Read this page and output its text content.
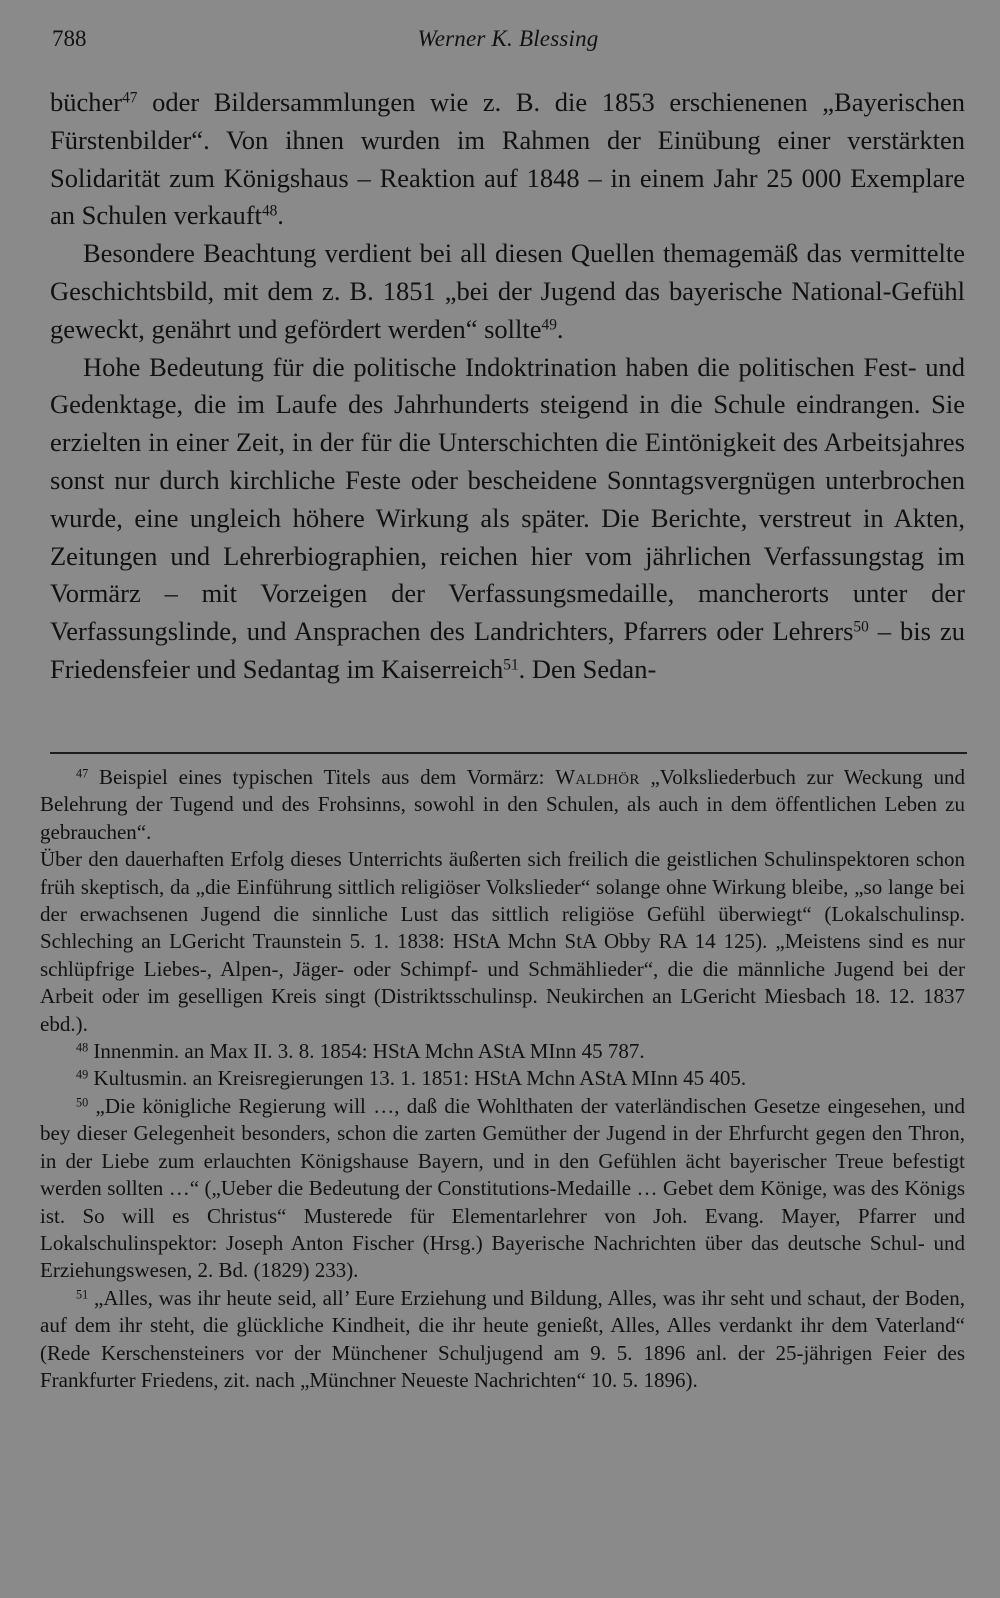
788	Werner K. Blessing

bücher$^{47}$ oder Bildersammlungen wie z. B. die 1853 erschienenen „Bayerischen Fürstenbilder“. Von ihnen wurden im Rahmen der Einübung einer verstärkten Solidarität zum Königshaus – Reaktion auf 1848 – in einem Jahr 25 000 Exemplare an Schulen verkauft$^{48}$.

Besondere Beachtung verdient bei all diesen Quellen themagemäß das vermittelte Geschichtsbild, mit dem z. B. 1851 „bei der Jugend das bayerische National-Gefühl geweckt, genährt und gefördert werden“ sollte$^{49}$.

Hohe Bedeutung für die politische Indoktrination haben die politischen Fest- und Gedenktage, die im Laufe des Jahrhunderts steigend in die Schule eindrangen. Sie erzielten in einer Zeit, in der für die Unterschichten die Eintönigkeit des Arbeitsjahres sonst nur durch kirchliche Feste oder bescheidene Sonntagsvergnügen unterbrochen wurde, eine ungleich höhere Wirkung als später. Die Berichte, verstreut in Akten, Zeitungen und Lehrerbiographien, reichen hier vom jährlichen Verfassungstag im Vormärz – mit Vorzeigen der Verfassungsmedaille, mancherorts unter der Verfassungslinde, und Ansprachen des Landrichters, Pfarrers oder Lehrers$^{50}$ – bis zu Friedensfeier und Sedantag im Kaiserreich$^{51}$. Den Sedan-

$^{47}$ Beispiel eines typischen Titels aus dem Vormärz: Waldhör „Volksliederbuch zur Weckung und Belehrung der Tugend und des Frohsinns, sowohl in den Schulen, als auch in dem öffentlichen Leben zu gebrauchen“.

Über den dauerhaften Erfolg dieses Unterrichts äußerten sich freilich die geistlichen Schulinspektoren schon früh skeptisch, da „die Einführung sittlich religiöser Volkslieder“ solange ohne Wirkung bleibe, „so lange bei der erwachsenen Jugend die sinnliche Lust das sittlich religiöse Gefühl überwiegt“ (Lokalschulinsp. Schleching an LGericht Traunstein 5. 1. 1838: HStA Mchn StA Obby RA 14 125). „Meistens sind es nur schlüpfrige Liebes-, Alpen-, Jäger- oder Schimpf- und Schmählieder“, die die männliche Jugend bei der Arbeit oder im geselligen Kreis singt (Distriktsschulinsp. Neukirchen an LGericht Miesbach 18. 12. 1837 ebd.).

$^{48}$ Innenmin. an Max II. 3. 8. 1854: HStA Mchn AStA MInn 45 787.

$^{49}$ Kultusmin. an Kreisregierungen 13. 1. 1851: HStA Mchn AStA MInn 45 405.

$^{50}$ „Die königliche Regierung will …, daß die Wohlthaten der vaterländischen Gesetze eingesehen, und bey dieser Gelegenheit besonders, schon die zarten Gemüther der Jugend in der Ehrfurcht gegen den Thron, in der Liebe zum erlauchten Königshause Bayern, und in den Gefühlen ächt bayerischer Treue befestigt werden sollten …“ („Ueber die Bedeutung der Constitutions-Medaille … Gebet dem Könige, was des Königs ist. So will es Christus“ Musterede für Elementarlehrer von Joh. Evang. Mayer, Pfarrer und Lokalschulinspektor: Joseph Anton Fischer (Hrsg.) Bayerische Nachrichten über das deutsche Schul- und Erziehungswesen, 2. Bd. (1829) 233).

$^{51}$ „Alles, was ihr heute seid, all’ Eure Erziehung und Bildung, Alles, was ihr seht und schaut, der Boden, auf dem ihr steht, die glückliche Kindheit, die ihr heute genießt, Alles, Alles verdankt ihr dem Vaterland“ (Rede Kerschensteiners vor der Münchener Schuljugend am 9. 5. 1896 anl. der 25-jährigen Feier des Frankfurter Friedens, zit. nach „Münchner Neueste Nachrichten“ 10. 5. 1896).
